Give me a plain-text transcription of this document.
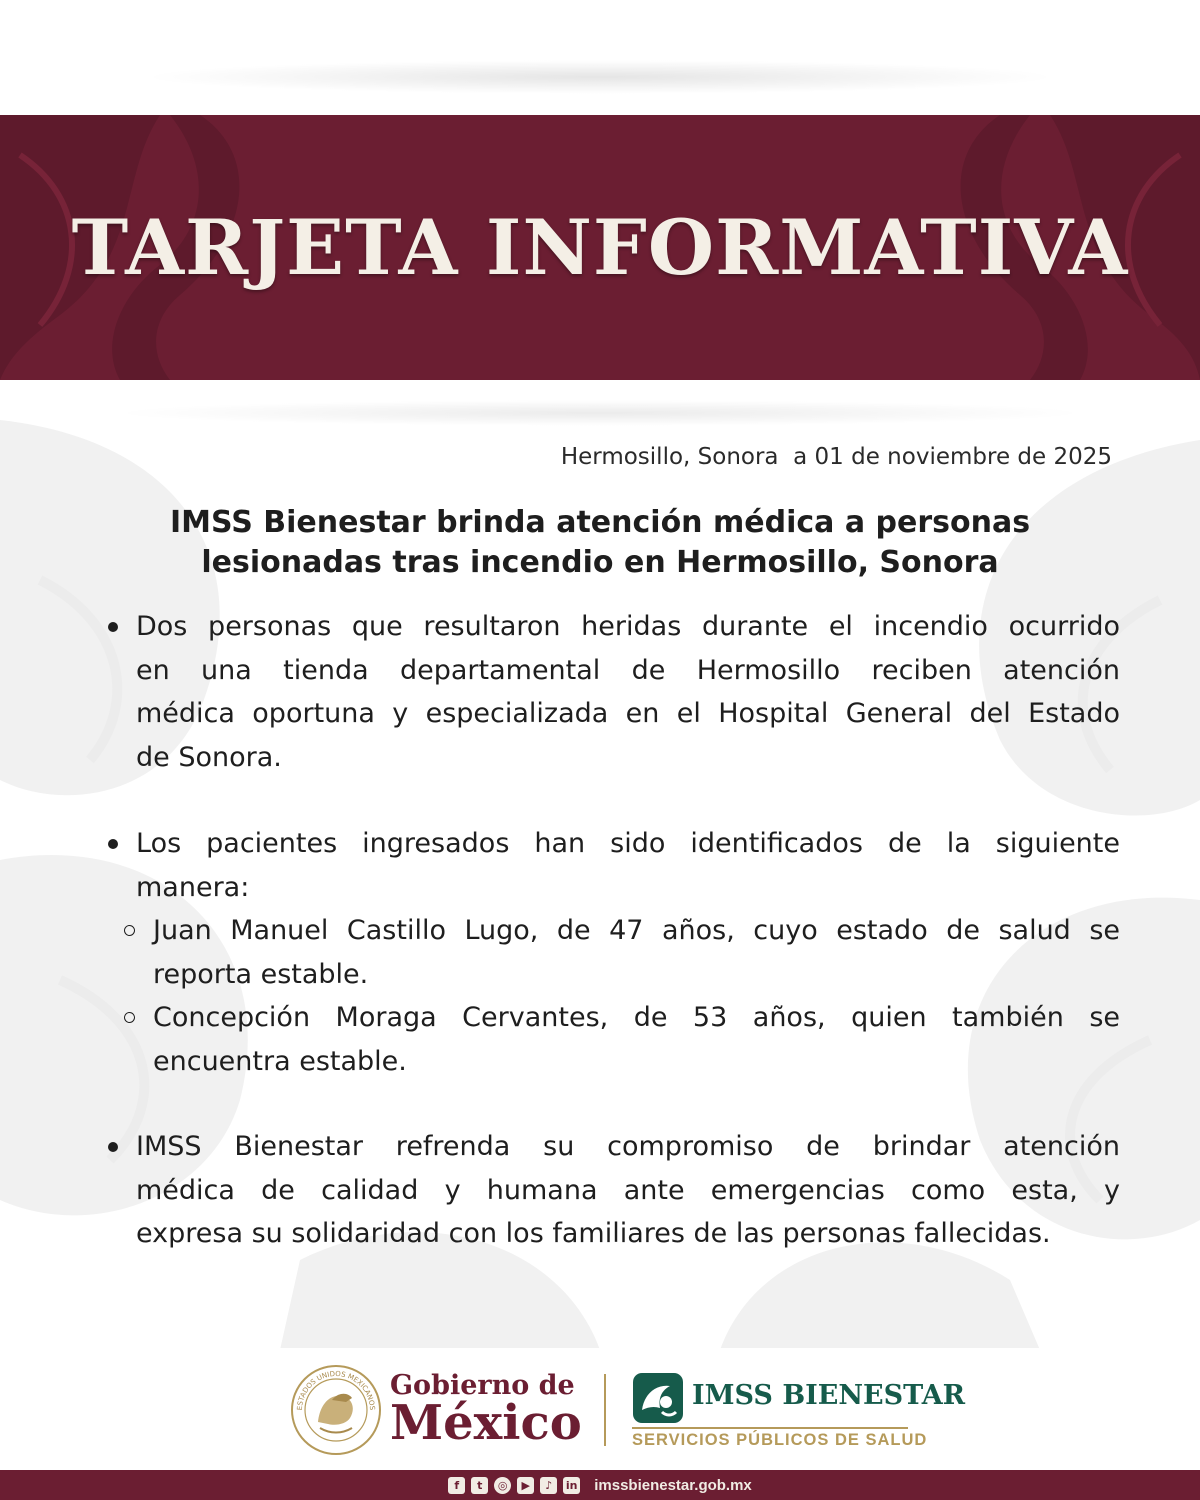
TARJETA INFORMATIVA
Hermosillo, Sonora  a 01 de noviembre de 2025
IMSS Bienestar brinda atención médica a personas
lesionadas tras incendio en Hermosillo, Sonora
Dos personas que resultaron heridas durante el incendio ocurrido
en una tienda departamental de Hermosillo reciben atención
médica oportuna y especializada en el Hospital General del Estado
de Sonora.
Los pacientes ingresados han sido identificados de la siguiente
manera:
Juan Manuel Castillo Lugo, de 47 años, cuyo estado de salud se
reporta estable.
Concepción Moraga Cervantes, de 53 años, quien también se
encuentra estable.
IMSS Bienestar refrenda su compromiso de brindar atención
médica de calidad y humana ante emergencias como esta, y
expresa su solidaridad con los familiares de las personas fallecidas.
ESTADOS UNIDOS MEXICANOS
Gobierno de
México	IMSS BIENESTAR
SERVICIOS PÚBLICOS DE SALUD
f	t	◎	▶	♪	in imssbienestar.gob.mx
